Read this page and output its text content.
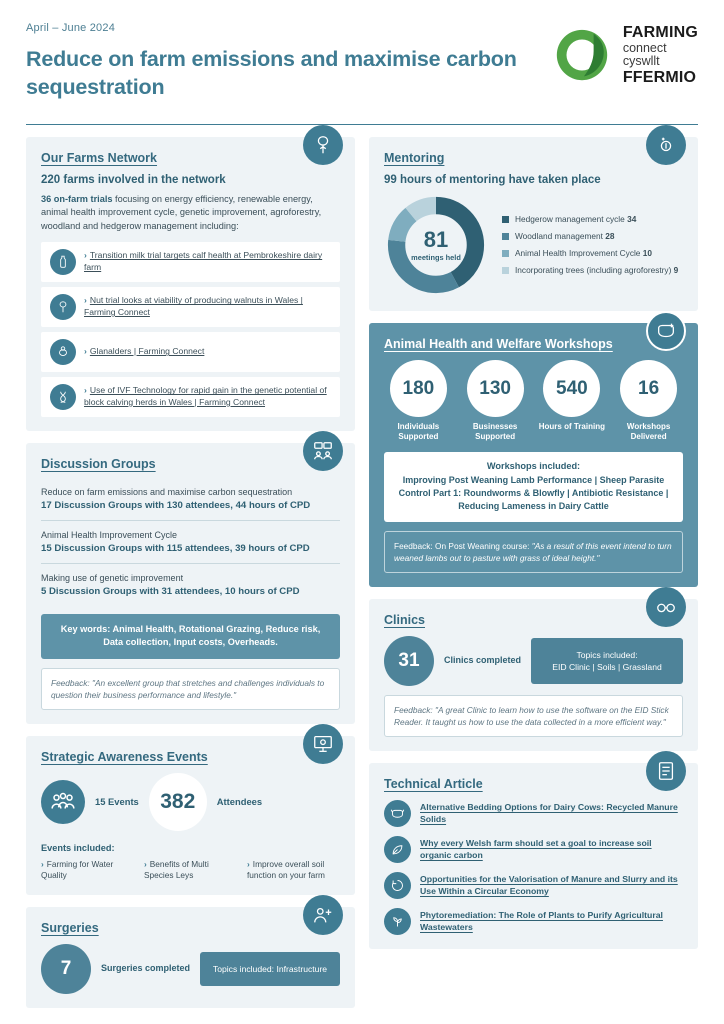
April – June 2024
Reduce on farm emissions and maximise carbon sequestration
FARMING
connect
cyswllt
FFERMIO
Our Farms Network
220 farms involved in the network
36 on-farm trials focusing on energy efficiency, renewable energy, animal health improvement cycle, genetic improvement, agroforestry, woodland and hedgerow management including:
› Transition milk trial targets calf health at Pembrokeshire dairy farm
› Nut trial looks at viability of producing walnuts in Wales | Farming Connect
› Glanalders | Farming Connect
› Use of IVF Technology for rapid gain in the genetic potential of block calving herds in Wales | Farming Connect
Discussion Groups
Reduce on farm emissions and maximise carbon sequestration
17 Discussion Groups with 130 attendees, 44 hours of CPD
Animal Health Improvement Cycle
15 Discussion Groups with 115 attendees, 39 hours of CPD
Making use of genetic improvement
5 Discussion Groups with 31 attendees, 10 hours of CPD
Key words: Animal Health, Rotational Grazing, Reduce risk, Data collection, Input costs, Overheads.
Feedback: "An excellent group that stretches and challenges individuals to question their business performance and lifestyle."
Strategic Awareness Events
15 Events	382	Attendees
Events included:
› Farming for Water Quality
› Benefits of Multi Species Leys
› Improve overall soil function on your farm
Surgeries
7	Surgeries completed	Topics included: Infrastructure
Mentoring
99 hours of mentoring have taken place
81
meetings held
Hedgerow management cycle 34
Woodland management 28
Animal Health Improvement Cycle 10
Incorporating trees (including agroforestry) 9
Animal Health and Welfare Workshops
180
Individuals Supported
130
Businesses Supported
540
Hours of Training
16
Workshops Delivered
Workshops included:
Improving Post Weaning Lamb Performance | Sheep Parasite Control Part 1: Roundworms & Blowfly | Antibiotic Resistance | Reducing Lameness in Dairy Cattle
Feedback: On Post Weaning course: "As a result of this event intend to turn weaned lambs out to pasture with grass of ideal height."
Clinics
31	Clinics completed
Topics included:
EID Clinic | Soils | Grassland
Feedback: "A great Clinic to learn how to use the software on the EID Stick Reader. It taught us how to use the data collected in a more efficient way."
Technical Article
Alternative Bedding Options for Dairy Cows: Recycled Manure Solids
Why every Welsh farm should set a goal to increase soil organic carbon
Opportunities for the Valorisation of Manure and Slurry and its Use Within a Circular Economy
Phytoremediation: The Role of Plants to Purify Agricultural Wastewaters
